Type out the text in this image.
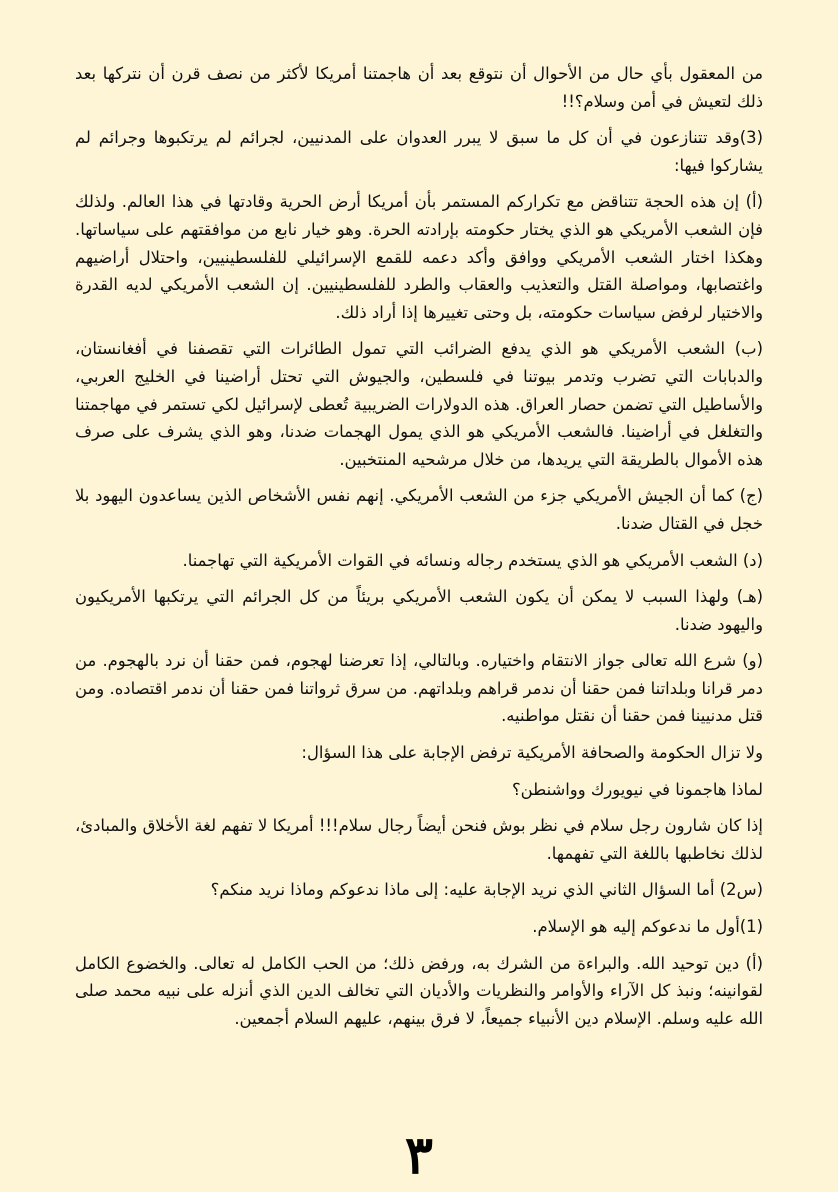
من المعقول بأي حال من الأحوال أن نتوقع بعد أن هاجمتنا أمريكا لأكثر من نصف قرن أن نتركها بعد ذلك لتعيش في أمن وسلام؟!!

(3)وقد تتنازعون في أن كل ما سبق لا يبرر العدوان على المدنيين، لجرائم لم يرتكبوها وجرائم لم يشاركوا فيها:

(أ) إن هذه الحجة تتناقض مع تكراركم المستمر بأن أمريكا أرض الحرية وقادتها في هذا العالم. ولذلك فإن الشعب الأمريكي هو الذي يختار حكومته بإرادته الحرة. وهو خيار نابع من موافقتهم على سياساتها. وهكذا اختار الشعب الأمريكي ووافق وأكد دعمه للقمع الإسرائيلي للفلسطينيين، واحتلال أراضيهم واغتصابها، ومواصلة القتل والتعذيب والعقاب والطرد للفلسطينيين. إن الشعب الأمريكي لديه القدرة والاختيار لرفض سياسات حكومته، بل وحتى تغييرها إذا أراد ذلك.

(ب) الشعب الأمريكي هو الذي يدفع الضرائب التي تمول الطائرات التي تقصفنا في أفغانستان، والدبابات التي تضرب وتدمر بيوتنا في فلسطين، والجيوش التي تحتل أراضينا في الخليج العربي، والأساطيل التي تضمن حصار العراق. هذه الدولارات الضريبية تُعطى لإسرائيل لكي تستمر في مهاجمتنا والتغلغل في أراضينا. فالشعب الأمريكي هو الذي يمول الهجمات ضدنا، وهو الذي يشرف على صرف هذه الأموال بالطريقة التي يريدها، من خلال مرشحيه المنتخبين.

(ج) كما أن الجيش الأمريكي جزء من الشعب الأمريكي. إنهم نفس الأشخاص الذين يساعدون اليهود بلا خجل في القتال ضدنا.

(د) الشعب الأمريكي هو الذي يستخدم رجاله ونسائه في القوات الأمريكية التي تهاجمنا.

(هـ) ولهذا السبب لا يمكن أن يكون الشعب الأمريكي بريئاً من كل الجرائم التي يرتكبها الأمريكيون واليهود ضدنا.

(و) شرع الله تعالى جواز الانتقام واختياره. وبالتالي، إذا تعرضنا لهجوم، فمن حقنا أن نرد بالهجوم. من دمر قرانا وبلداتنا فمن حقنا أن ندمر قراهم وبلداتهم. من سرق ثرواتنا فمن حقنا أن ندمر اقتصاده. ومن قتل مدنيينا فمن حقنا أن نقتل مواطنيه.

ولا تزال الحكومة والصحافة الأمريكية ترفض الإجابة على هذا السؤال:

لماذا هاجمونا في نيويورك وواشنطن؟

إذا كان شارون رجل سلام في نظر بوش فنحن أيضاً رجال سلام!!! أمريكا لا تفهم لغة الأخلاق والمبادئ، لذلك نخاطبها باللغة التي تفهمها.

(س2) أما السؤال الثاني الذي نريد الإجابة عليه: إلى ماذا ندعوكم وماذا نريد منكم؟

(1)أول ما ندعوكم إليه هو الإسلام.

(أ) دين توحيد الله. والبراءة من الشرك به، ورفض ذلك؛ من الحب الكامل له تعالى. والخضوع الكامل لقوانينه؛ ونبذ كل الآراء والأوامر والنظريات والأديان التي تخالف الدين الذي أنزله على نبيه محمد صلى الله عليه وسلم. الإسلام دين الأنبياء جميعاً، لا فرق بينهم، عليهم السلام أجمعين.

٣
